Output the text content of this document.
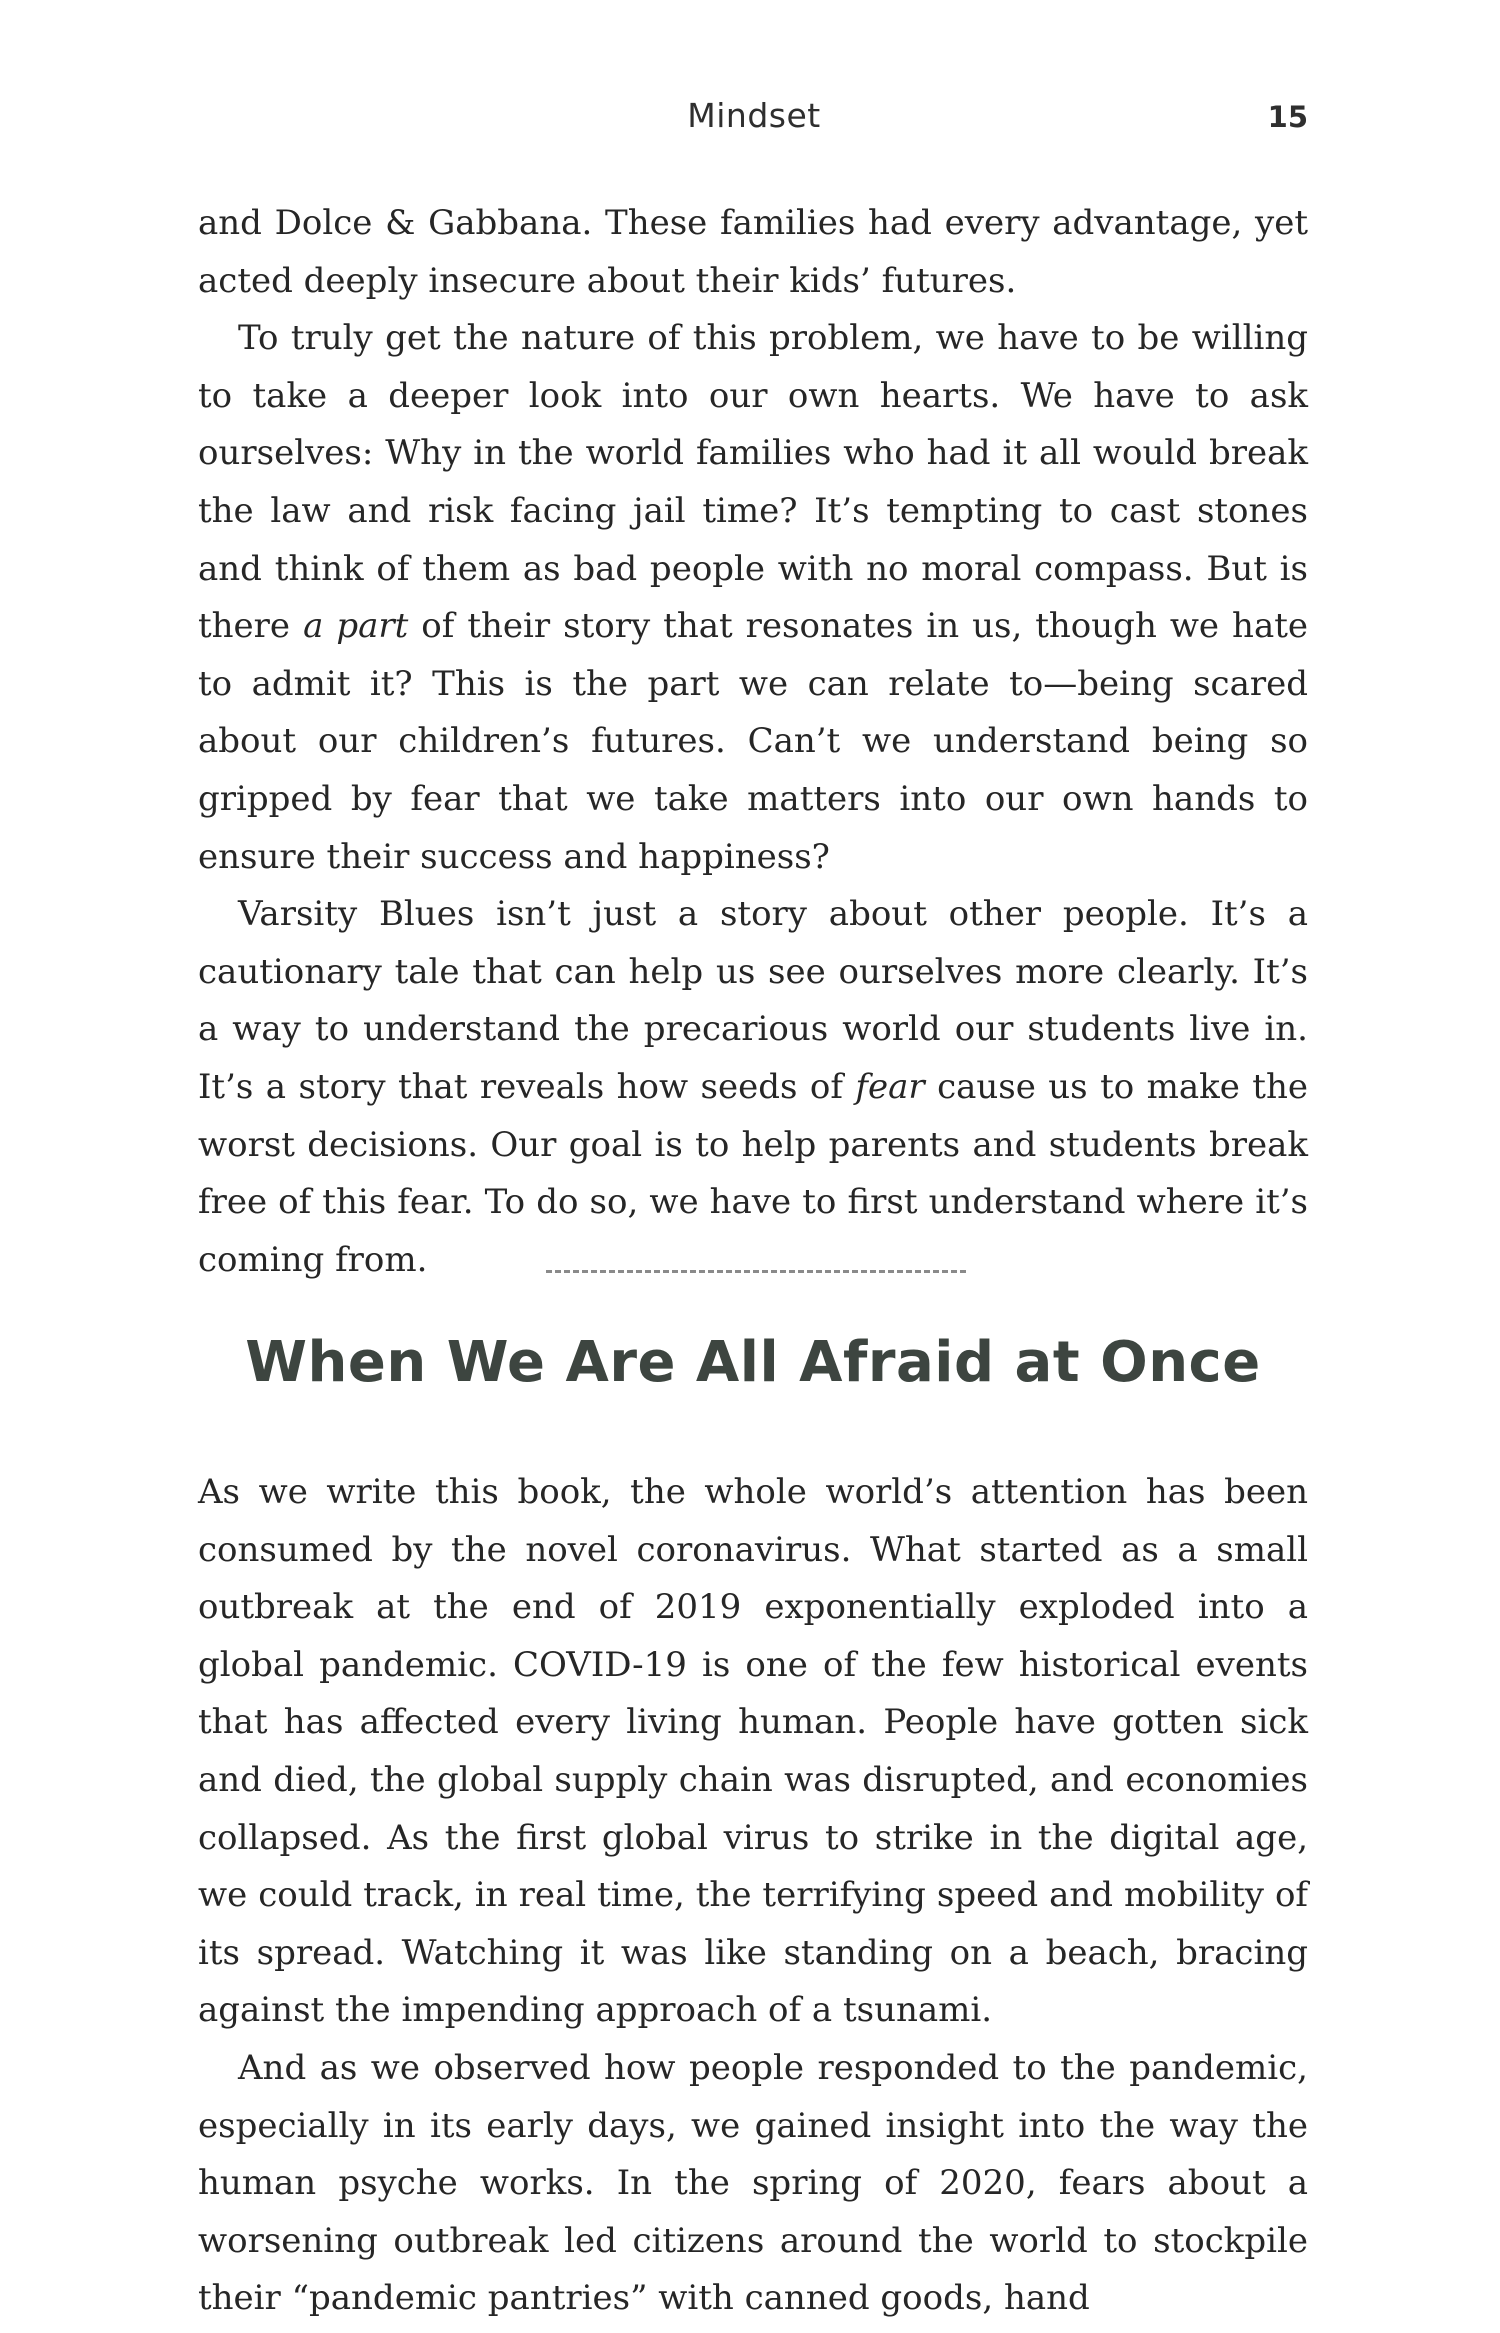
Mindset	15

and Dolce & Gabbana. These families had every advantage, yet acted deeply insecure about their kids’ futures.

To truly get the nature of this problem, we have to be willing to take a deeper look into our own hearts. We have to ask ourselves: Why in the world families who had it all would break the law and risk facing jail time? It’s tempting to cast stones and think of them as bad people with no moral compass. But is there a part of their story that resonates in us, though we hate to admit it? This is the part we can relate to—being scared about our children’s futures. Can’t we understand being so gripped by fear that we take matters into our own hands to ensure their success and happiness?

Varsity Blues isn’t just a story about other people. It’s a cautionary tale that can help us see ourselves more clearly. It’s a way to understand the precarious world our students live in. It’s a story that reveals how seeds of fear cause us to make the worst decisions. Our goal is to help parents and students break free of this fear. To do so, we have to first understand where it’s coming from.

When We Are All Afraid at Once

As we write this book, the whole world’s attention has been consumed by the novel coronavirus. What started as a small outbreak at the end of 2019 exponentially exploded into a global pandemic. COVID-19 is one of the few historical events that has affected every living human. People have gotten sick and died, the global supply chain was disrupted, and economies collapsed. As the first global virus to strike in the digital age, we could track, in real time, the terrifying speed and mobility of its spread. Watching it was like standing on a beach, bracing against the impending approach of a tsunami.

And as we observed how people responded to the pandemic, especially in its early days, we gained insight into the way the human psyche works. In the spring of 2020, fears about a worsening outbreak led citizens around the world to stockpile their “pandemic pantries” with canned goods, hand
